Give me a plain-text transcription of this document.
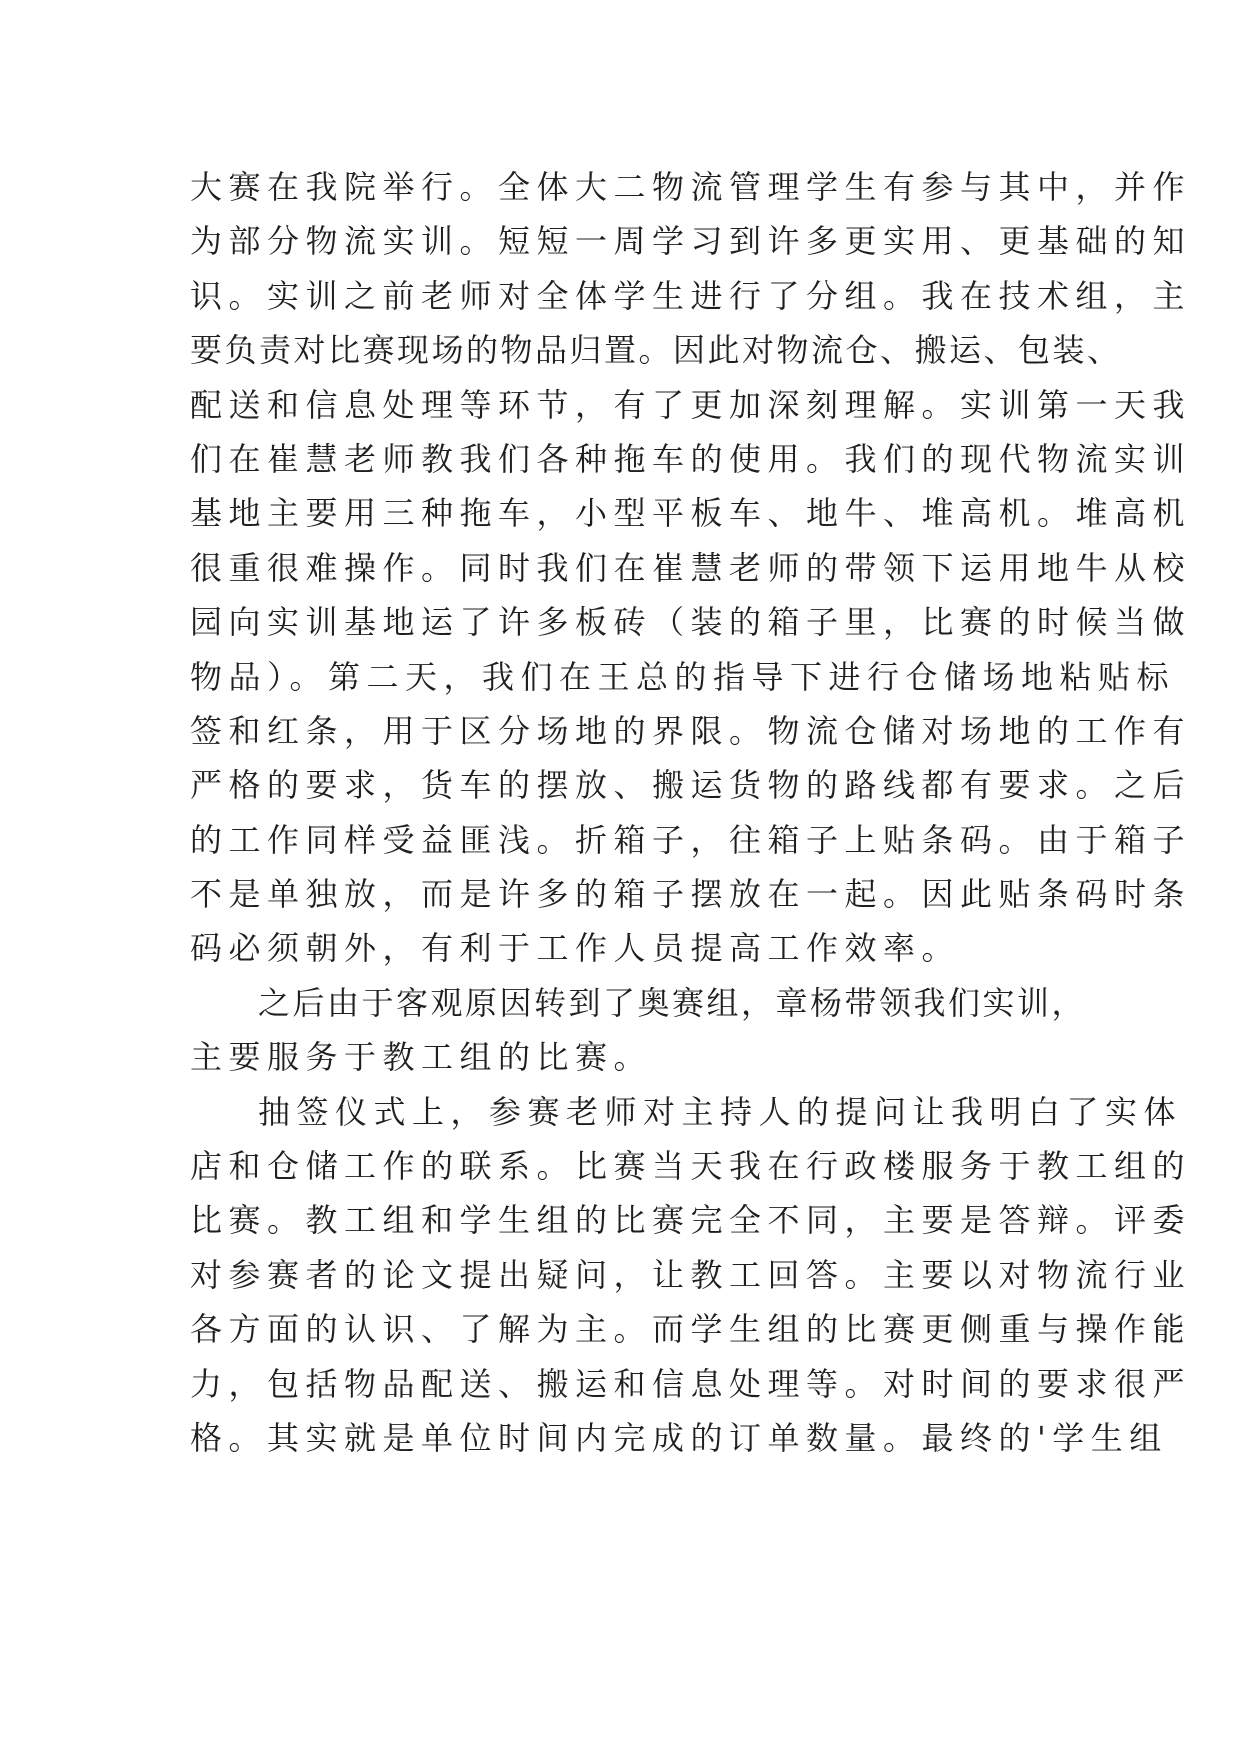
大赛在我院举行。全体大二物流管理学生有参与其中，并作
为部分物流实训。短短一周学习到许多更实用、更基础的知
识。实训之前老师对全体学生进行了分组。我在技术组，主
要负责对比赛现场的物品归置。因此对物流仓、搬运、包装、
配送和信息处理等环节，有了更加深刻理解。实训第一天我
们在崔慧老师教我们各种拖车的使用。我们的现代物流实训
基地主要用三种拖车，小型平板车、地牛、堆高机。堆高机
很重很难操作。同时我们在崔慧老师的带领下运用地牛从校
园向实训基地运了许多板砖（装的箱子里，比赛的时候当做
物品）。第二天，我们在王总的指导下进行仓储场地粘贴标
签和红条，用于区分场地的界限。物流仓储对场地的工作有
严格的要求，货车的摆放、搬运货物的路线都有要求。之后
的工作同样受益匪浅。折箱子，往箱子上贴条码。由于箱子
不是单独放，而是许多的箱子摆放在一起。因此贴条码时条
码必须朝外，有利于工作人员提高工作效率。
之后由于客观原因转到了奥赛组，章杨带领我们实训，
主要服务于教工组的比赛。
抽签仪式上，参赛老师对主持人的提问让我明白了实体
店和仓储工作的联系。比赛当天我在行政楼服务于教工组的
比赛。教工组和学生组的比赛完全不同，主要是答辩。评委
对参赛者的论文提出疑问，让教工回答。主要以对物流行业
各方面的认识、了解为主。而学生组的比赛更侧重与操作能
力，包括物品配送、搬运和信息处理等。对时间的要求很严
格。其实就是单位时间内完成的订单数量。最终的'学生组
